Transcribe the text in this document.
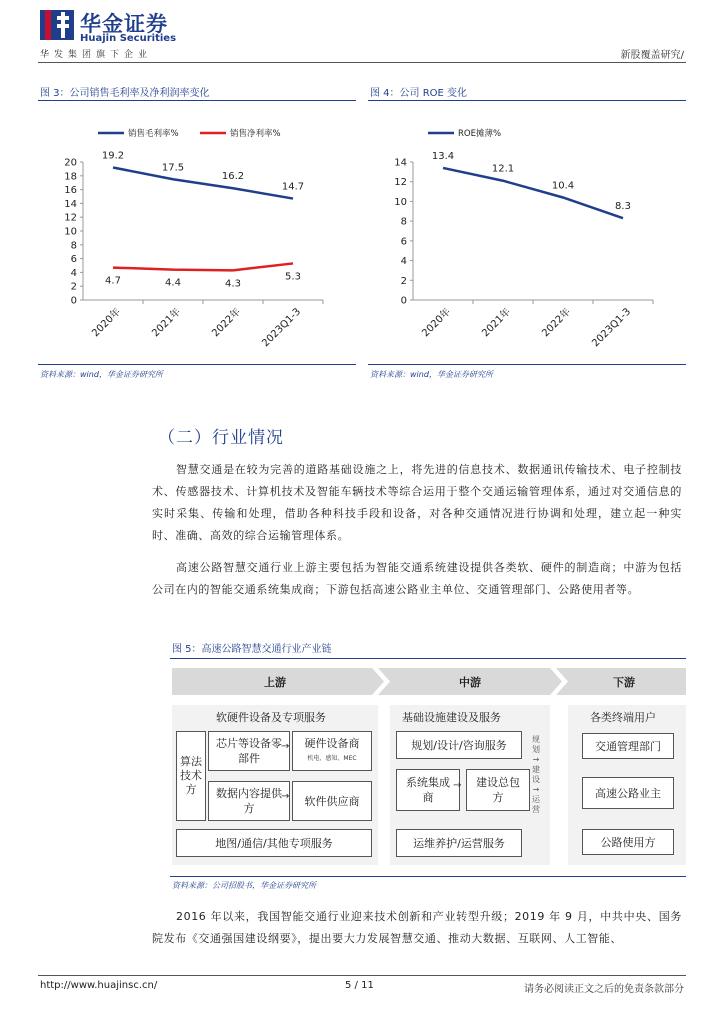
华金证券
Huajin Securities
华发集团旗下企业	新股覆盖研究/
图 3：公司销售毛利率及净利润率变化
0
2
4
6
8
10
12
14
16
18
20
2020年	2021年	2022年 2023Q1-3
销售毛利率%	销售净利率%
19.2
17.5
16.2
14.7
4.7	4.4	4.3
5.3
资料来源：wind，华金证券研究所
图 4：公司 ROE 变化
0
2
4
6
8
10
12
14
2020年	2021年	2022年 2023Q1-3
ROE摊薄%
13.4
12.1
10.4
8.3
资料来源：wind，华金证券研究所
（二）行业情况
智慧交通是在较为完善的道路基础设施之上，将先进的信息技术、数据通讯传输技术、电子控制技术、传感器技术、计算机技术及智能车辆技术等综合运用于整个交通运输管理体系，通过对交通信息的实时采集、传输和处理，借助各种科技手段和设备，对各种交通情况进行协调和处理，建立起一种实时、准确、高效的综合运输管理体系。
高速公路智慧交通行业上游主要包括为智能交通系统建设提供各类软、硬件的制造商；中游为包括公司在内的智能交通系统集成商；下游包括高速公路业主单位、交通管理部门、公路使用者等。
图 5：高速公路智慧交通行业产业链
上游	中游	下游
软硬件设备及专项服务
算法技术方
芯片等设备零部件
硬件设备商
机电、感知、MEC
数据内容提供方
软件供应商
→
→
地图/通信/其他专项服务
基础设施建设及服务
规划/设计/咨询服务
系统集成商
建设总包方
→
运维养护/运营服务
规划→建设→运营
各类终端用户
交通管理部门
高速公路业主
公路使用方
资料来源：公司招股书，华金证券研究所
2016 年以来，我国智能交通行业迎来技术创新和产业转型升级；2019 年 9 月，中共中央、国务院发布《交通强国建设纲要》，提出要大力发展智慧交通、推动大数据、互联网、人工智能、
http://www.huajinsc.cn/	5 / 11	请务必阅读正文之后的免责条款部分
